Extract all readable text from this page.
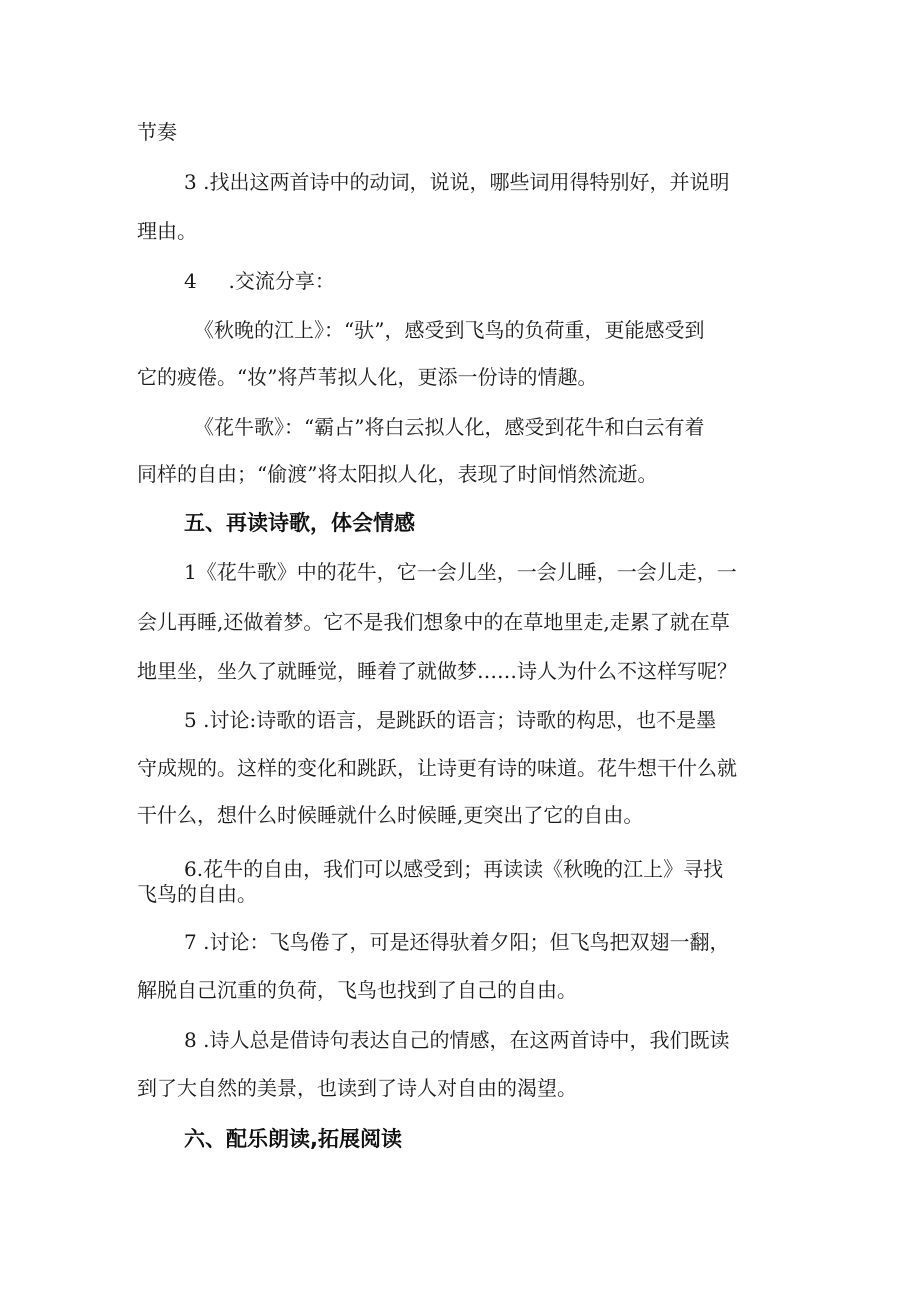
节奏

3 .找出这两首诗中的动词，说说，哪些词用得特别好，并说明

理由。

4     .交流分享：

《秋晚的江上》：“驮”，感受到飞鸟的负荷重，更能感受到

它的疲倦。“妆”将芦苇拟人化，更添一份诗的情趣。

《花牛歌》：“霸占”将白云拟人化，感受到花牛和白云有着

同样的自由；“偷渡”将太阳拟人化，表现了时间悄然流逝。

五、再读诗歌，体会情感

1《花牛歌》中的花牛，它一会儿坐，一会儿睡，一会儿走，一

会儿再睡,还做着梦。它不是我们想象中的在草地里走,走累了就在草

地里坐，坐久了就睡觉，睡着了就做梦……诗人为什么不这样写呢？

5 .讨论:诗歌的语言，是跳跃的语言；诗歌的构思，也不是墨

守成规的。这样的变化和跳跃，让诗更有诗的味道。花牛想干什么就

干什么，想什么时候睡就什么时候睡,更突出了它的自由。

6.花牛的自由，我们可以感受到；再读读《秋晚的江上》寻找

飞鸟的自由。

7 .讨论：飞鸟倦了，可是还得驮着夕阳；但飞鸟把双翅一翻，

解脱自己沉重的负荷，飞鸟也找到了自己的自由。

8 .诗人总是借诗句表达自己的情感，在这两首诗中，我们既读

到了大自然的美景，也读到了诗人对自由的渴望。

六、配乐朗读,拓展阅读
